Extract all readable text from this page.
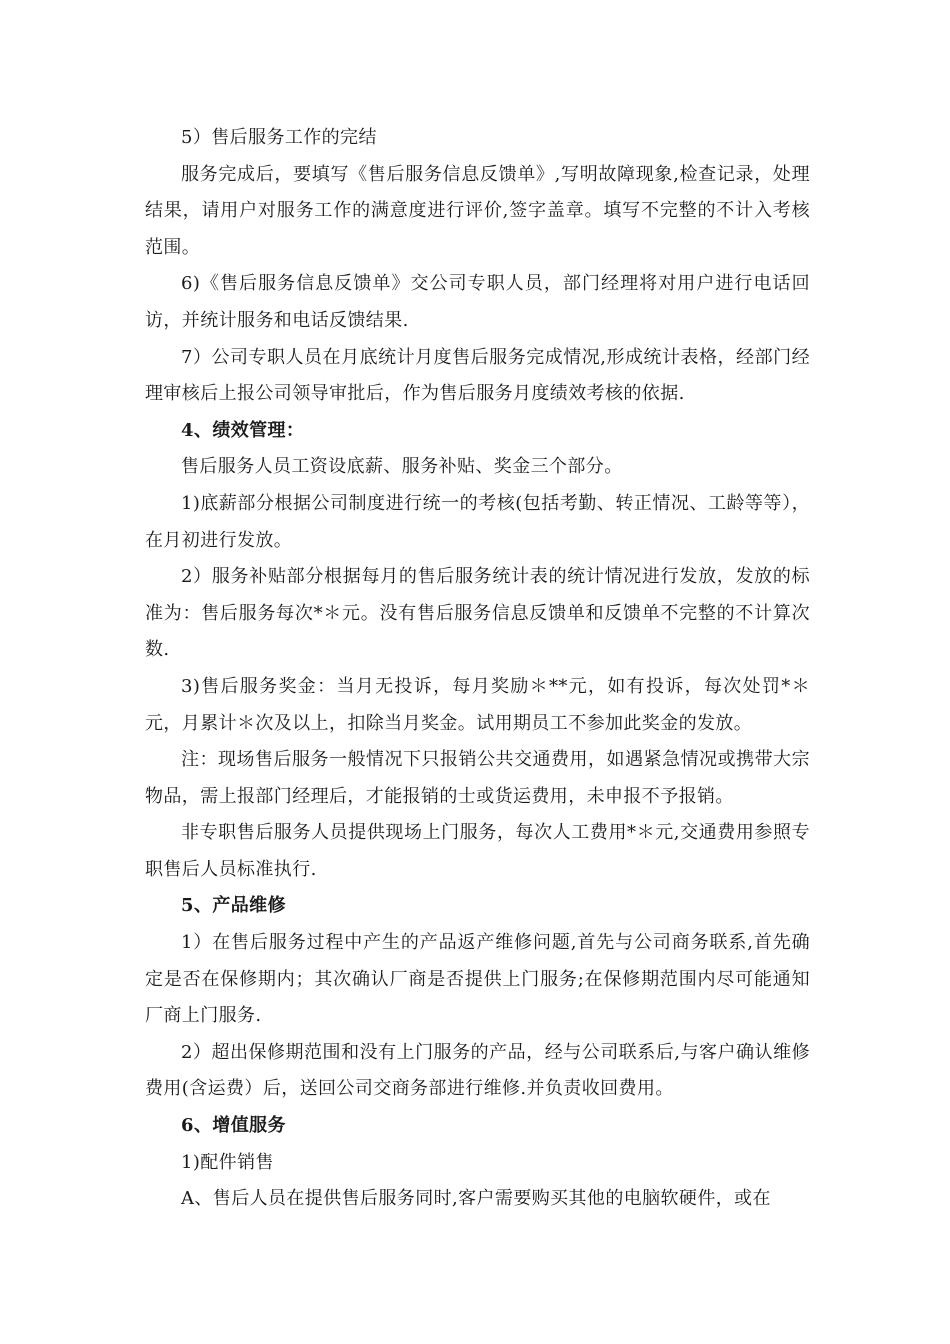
5）售后服务工作的完结

服务完成后，要填写《售后服务信息反馈单》,写明故障现象,检查记录，处理结果，请用户对服务工作的满意度进行评价,签字盖章。填写不完整的不计入考核范围。

6)《售后服务信息反馈单》交公司专职人员，部门经理将对用户进行电话回访，并统计服务和电话反馈结果.

7）公司专职人员在月底统计月度售后服务完成情况,形成统计表格，经部门经理审核后上报公司领导审批后，作为售后服务月度绩效考核的依据.

4、绩效管理：

售后服务人员工资设底薪、服务补贴、奖金三个部分。

1)底薪部分根据公司制度进行统一的考核(包括考勤、转正情况、工龄等等），在月初进行发放。

2）服务补贴部分根据每月的售后服务统计表的统计情况进行发放，发放的标准为：售后服务每次*＊元。没有售后服务信息反馈单和反馈单不完整的不计算次数.

3)售后服务奖金：当月无投诉，每月奖励＊**元，如有投诉，每次处罚*＊元，月累计＊次及以上，扣除当月奖金。试用期员工不参加此奖金的发放。

注：现场售后服务一般情况下只报销公共交通费用，如遇紧急情况或携带大宗物品，需上报部门经理后，才能报销的士或货运费用，未申报不予报销。

非专职售后服务人员提供现场上门服务，每次人工费用*＊元,交通费用参照专职售后人员标准执行.

5、产品维修

1）在售后服务过程中产生的产品返产维修问题,首先与公司商务联系,首先确定是否在保修期内；其次确认厂商是否提供上门服务;在保修期范围内尽可能通知厂商上门服务.

2）超出保修期范围和没有上门服务的产品，经与公司联系后,与客户确认维修费用(含运费）后，送回公司交商务部进行维修.并负责收回费用。

6、增值服务

1)配件销售

A、售后人员在提供售后服务同时,客户需要购买其他的电脑软硬件，或在
